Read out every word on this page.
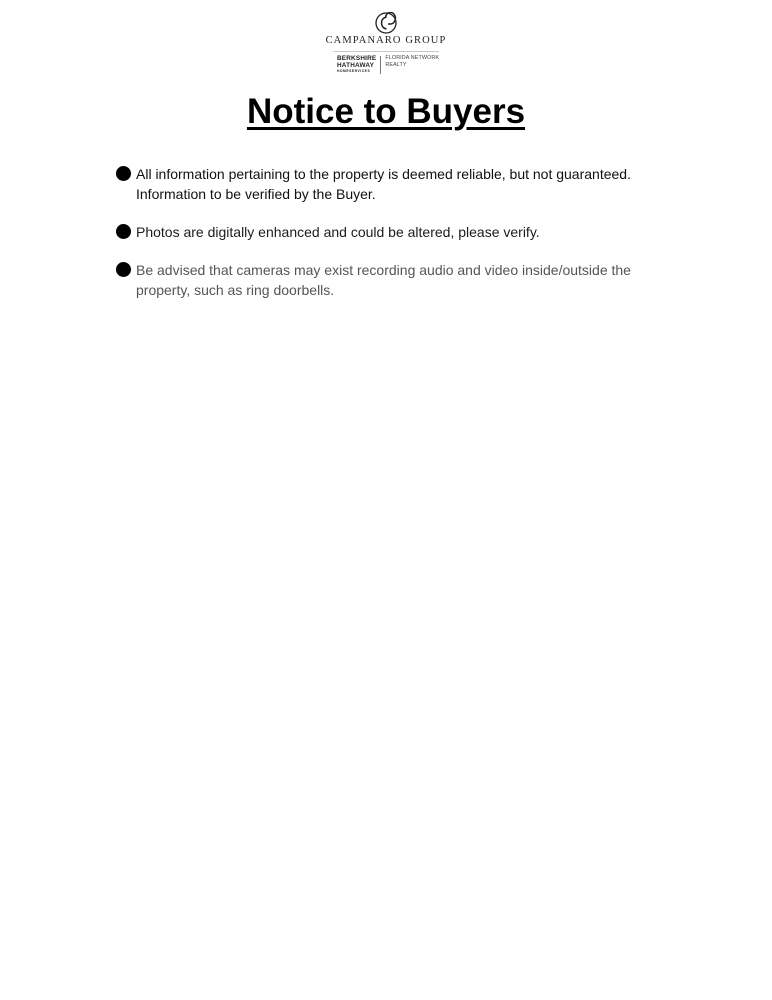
CAMPANARO GROUP
BERKSHIRE
HATHAWAY
HOMESERVICES
FLORIDA NETWORK
REALTY
Notice to Buyers
All information pertaining to the property is deemed reliable, but not guaranteed. Information to be verified by the Buyer.
Photos are digitally enhanced and could be altered, please verify.
Be advised that cameras may exist recording audio and video inside/outside the property, such as ring doorbells.
